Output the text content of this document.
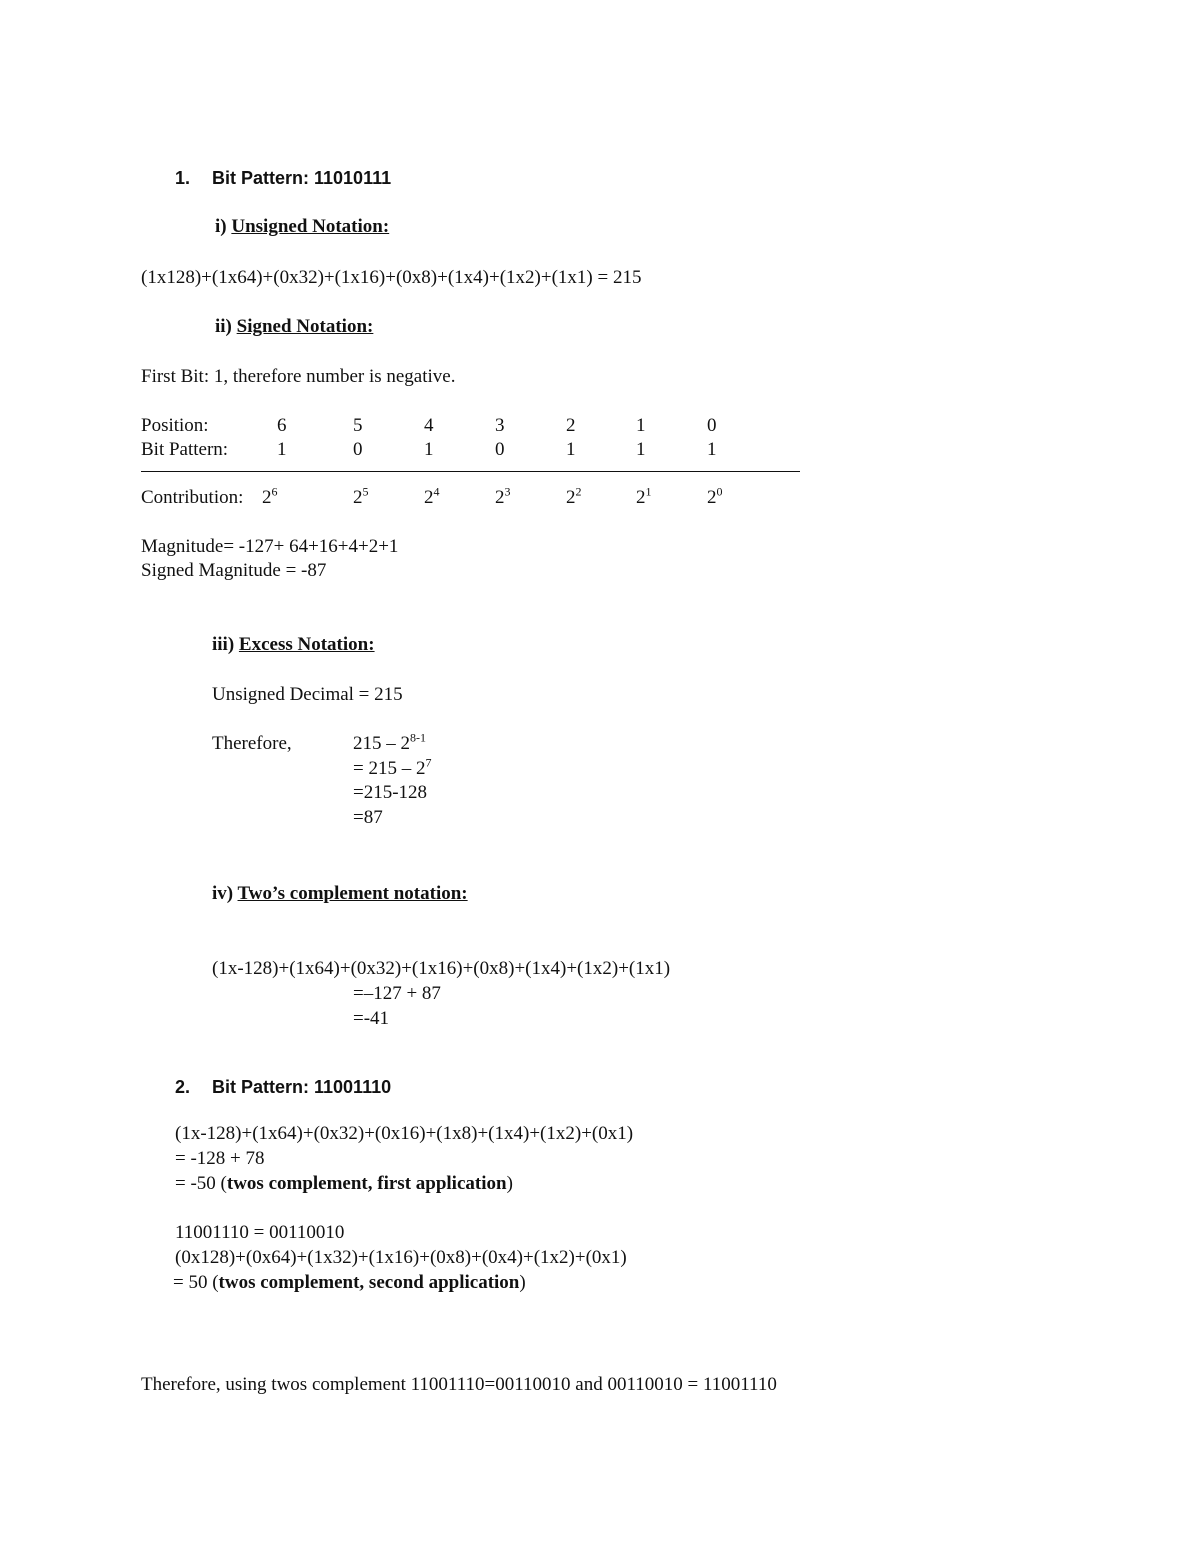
1. Bit Pattern: 11010111
i) Unsigned Notation:
(1x128)+(1x64)+(0x32)+(1x16)+(0x8)+(1x4)+(1x2)+(1x1) = 215
ii) Signed Notation:
First Bit: 1, therefore number is negative.
Position:	6	5	4	3	2	1	0
Bit Pattern:	1	0	1	0	1	1	1
Contribution: $2^6$	$2^5$	$2^4$	$2^3$	$2^2$	$2^1$	$2^0$
Magnitude= -127+ 64+16+4+2+1
Signed Magnitude = -87
iii) Excess Notation:
Unsigned Decimal = 215
Therefore,	$215 - 2^{8-1}$
= $215 - 2^7$
=215-128
=87
iv) Two’s complement notation:
(1x-128)+(1x64)+(0x32)+(1x16)+(0x8)+(1x4)+(1x2)+(1x1)
=–127 + 87
=-41
2. Bit Pattern: 11001110
(1x-128)+(1x64)+(0x32)+(0x16)+(1x8)+(1x4)+(1x2)+(0x1)
= -128 + 78
= -50 (twos complement, first application)
11001110 = 00110010
(0x128)+(0x64)+(1x32)+(1x16)+(0x8)+(0x4)+(1x2)+(0x1)
= 50 (twos complement, second application)
Therefore, using twos complement 11001110=00110010 and 00110010 = 11001110
